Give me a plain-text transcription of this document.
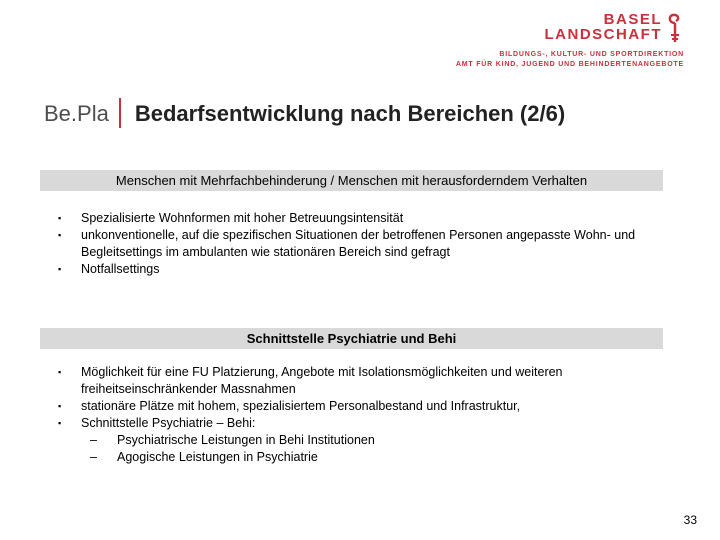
BASEL
LANDSCHAFT
BILDUNGS-, KULTUR- UND SPORTDIREKTION
AMT FÜR KIND, JUGEND UND BEHINDERTENANGEBOTE
Be.Pla Bedarfsentwicklung nach Bereichen (2/6)
Menschen mit Mehrfachbehinderung / Menschen mit herausforderndem Verhalten
▪	Spezialisierte Wohnformen mit hoher Betreuungsintensität
▪	unkonventionelle, auf die spezifischen Situationen der betroffenen Personen angepasste Wohn- und Begleitsettings im ambulanten wie stationären Bereich sind gefragt
▪	Notfallsettings
Schnittstelle Psychiatrie und Behi
▪	Möglichkeit für eine FU Platzierung, Angebote mit Isolationsmöglichkeiten und weiteren freiheitseinschränkender Massnahmen
▪	stationäre Plätze mit hohem, spezialisiertem Personalbestand und Infrastruktur,
▪	Schnittstelle Psychiatrie – Behi:
– Psychiatrische Leistungen in Behi Institutionen
– Agogische Leistungen in Psychiatrie
33
